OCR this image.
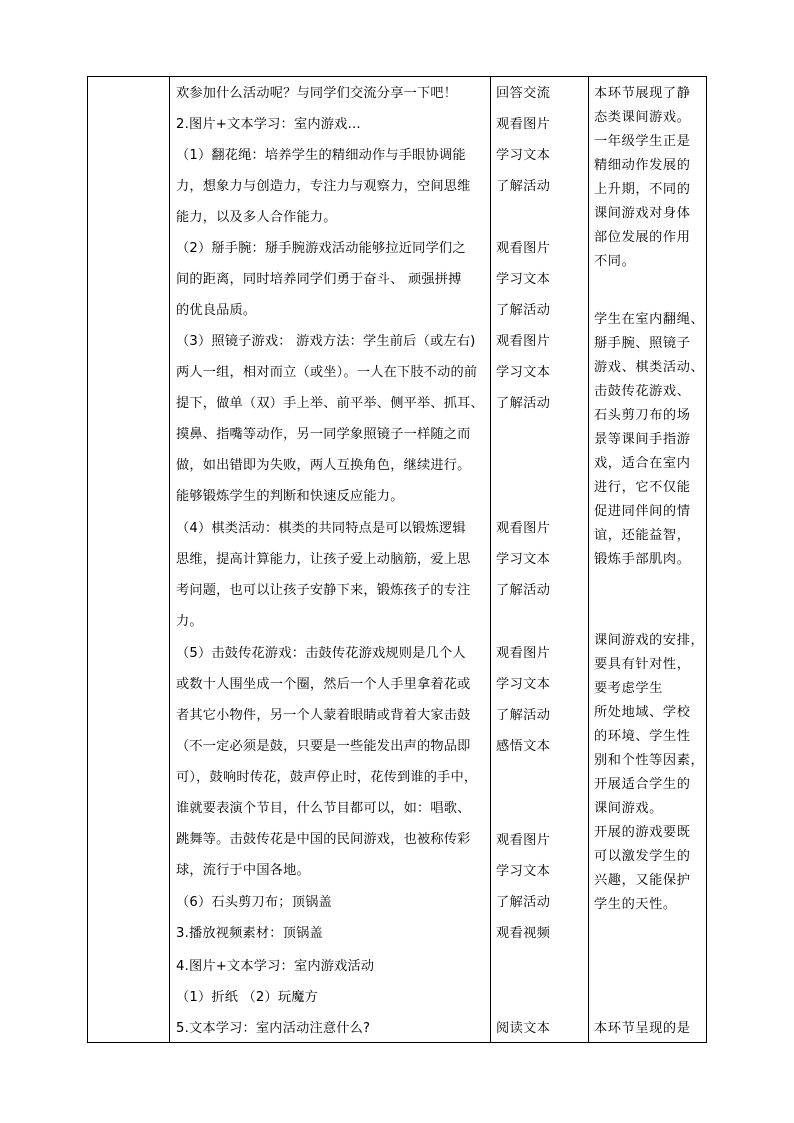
欢参加什么活动呢？与同学们交流分享一下吧！
2.图片+文本学习：室内游戏…
（1）翻花绳：培养学生的精细动作与手眼协调能
力，想象力与创造力，专注力与观察力，空间思维
能力，以及多人合作能力。
（2）掰手腕：掰手腕游戏活动能够拉近同学们之
间的距离，同时培养同学们勇于奋斗、 顽强拼搏
的优良品质。
（3）照镜子游戏： 游戏方法：学生前后（或左右)
两人一组，相对而立（或坐）。一人在下肢不动的前
提下，做单（双）手上举、前平举、侧平举、抓耳、
摸鼻、指嘴等动作，另一同学象照镜子一样随之而
做，如出错即为失败，两人互换角色，继续进行。
能够锻炼学生的判断和快速反应能力。
（4）棋类活动：棋类的共同特点是可以锻炼逻辑
思维，提高计算能力，让孩子爱上动脑筋，爱上思
考问题，也可以让孩子安静下来，锻炼孩子的专注
力。
（5）击鼓传花游戏：击鼓传花游戏规则是几个人
或数十人围坐成一个圈，然后一个人手里拿着花或
者其它小物件，另一个人蒙着眼睛或背着大家击鼓
（不一定必须是鼓，只要是一些能发出声的物品即
可），鼓响时传花，鼓声停止时，花传到谁的手中，
谁就要表演个节目，什么节目都可以，如：唱歌、
跳舞等。击鼓传花是中国的民间游戏，也被称传彩
球，流行于中国各地。
（6）石头剪刀布；顶锅盖
3.播放视频素材：顶锅盖
4.图片+文本学习：室内游戏活动
（1）折纸 （2）玩魔方
5.文本学习：室内活动注意什么?
回答交流
观看图片
学习文本
了解活动
观看图片
学习文本
了解活动
观看图片
学习文本
了解活动
观看图片
学习文本
了解活动
观看图片
学习文本
了解活动
感悟文本
观看图片
学习文本
了解活动
观看视频
阅读文本
本环节展现了静
态类课间游戏。
一年级学生正是
精细动作发展的
上升期，不同的
课间游戏对身体
部位发展的作用
不同。
学生在室内翻绳、
掰手腕、照镜子
游戏、棋类活动、
击鼓传花游戏、
石头剪刀布的场
景等课间手指游
戏，适合在室内
进行，它不仅能
促进同伴间的情
谊，还能益智，
锻炼手部肌肉。
课间游戏的安排，
要具有针对性，
要考虑学生
所处地域、学校
的环境、学生性
别和个性等因素，
开展适合学生的
课间游戏。
开展的游戏要既
可以激发学生的
兴趣，又能保护
学生的天性。
本环节呈现的是
